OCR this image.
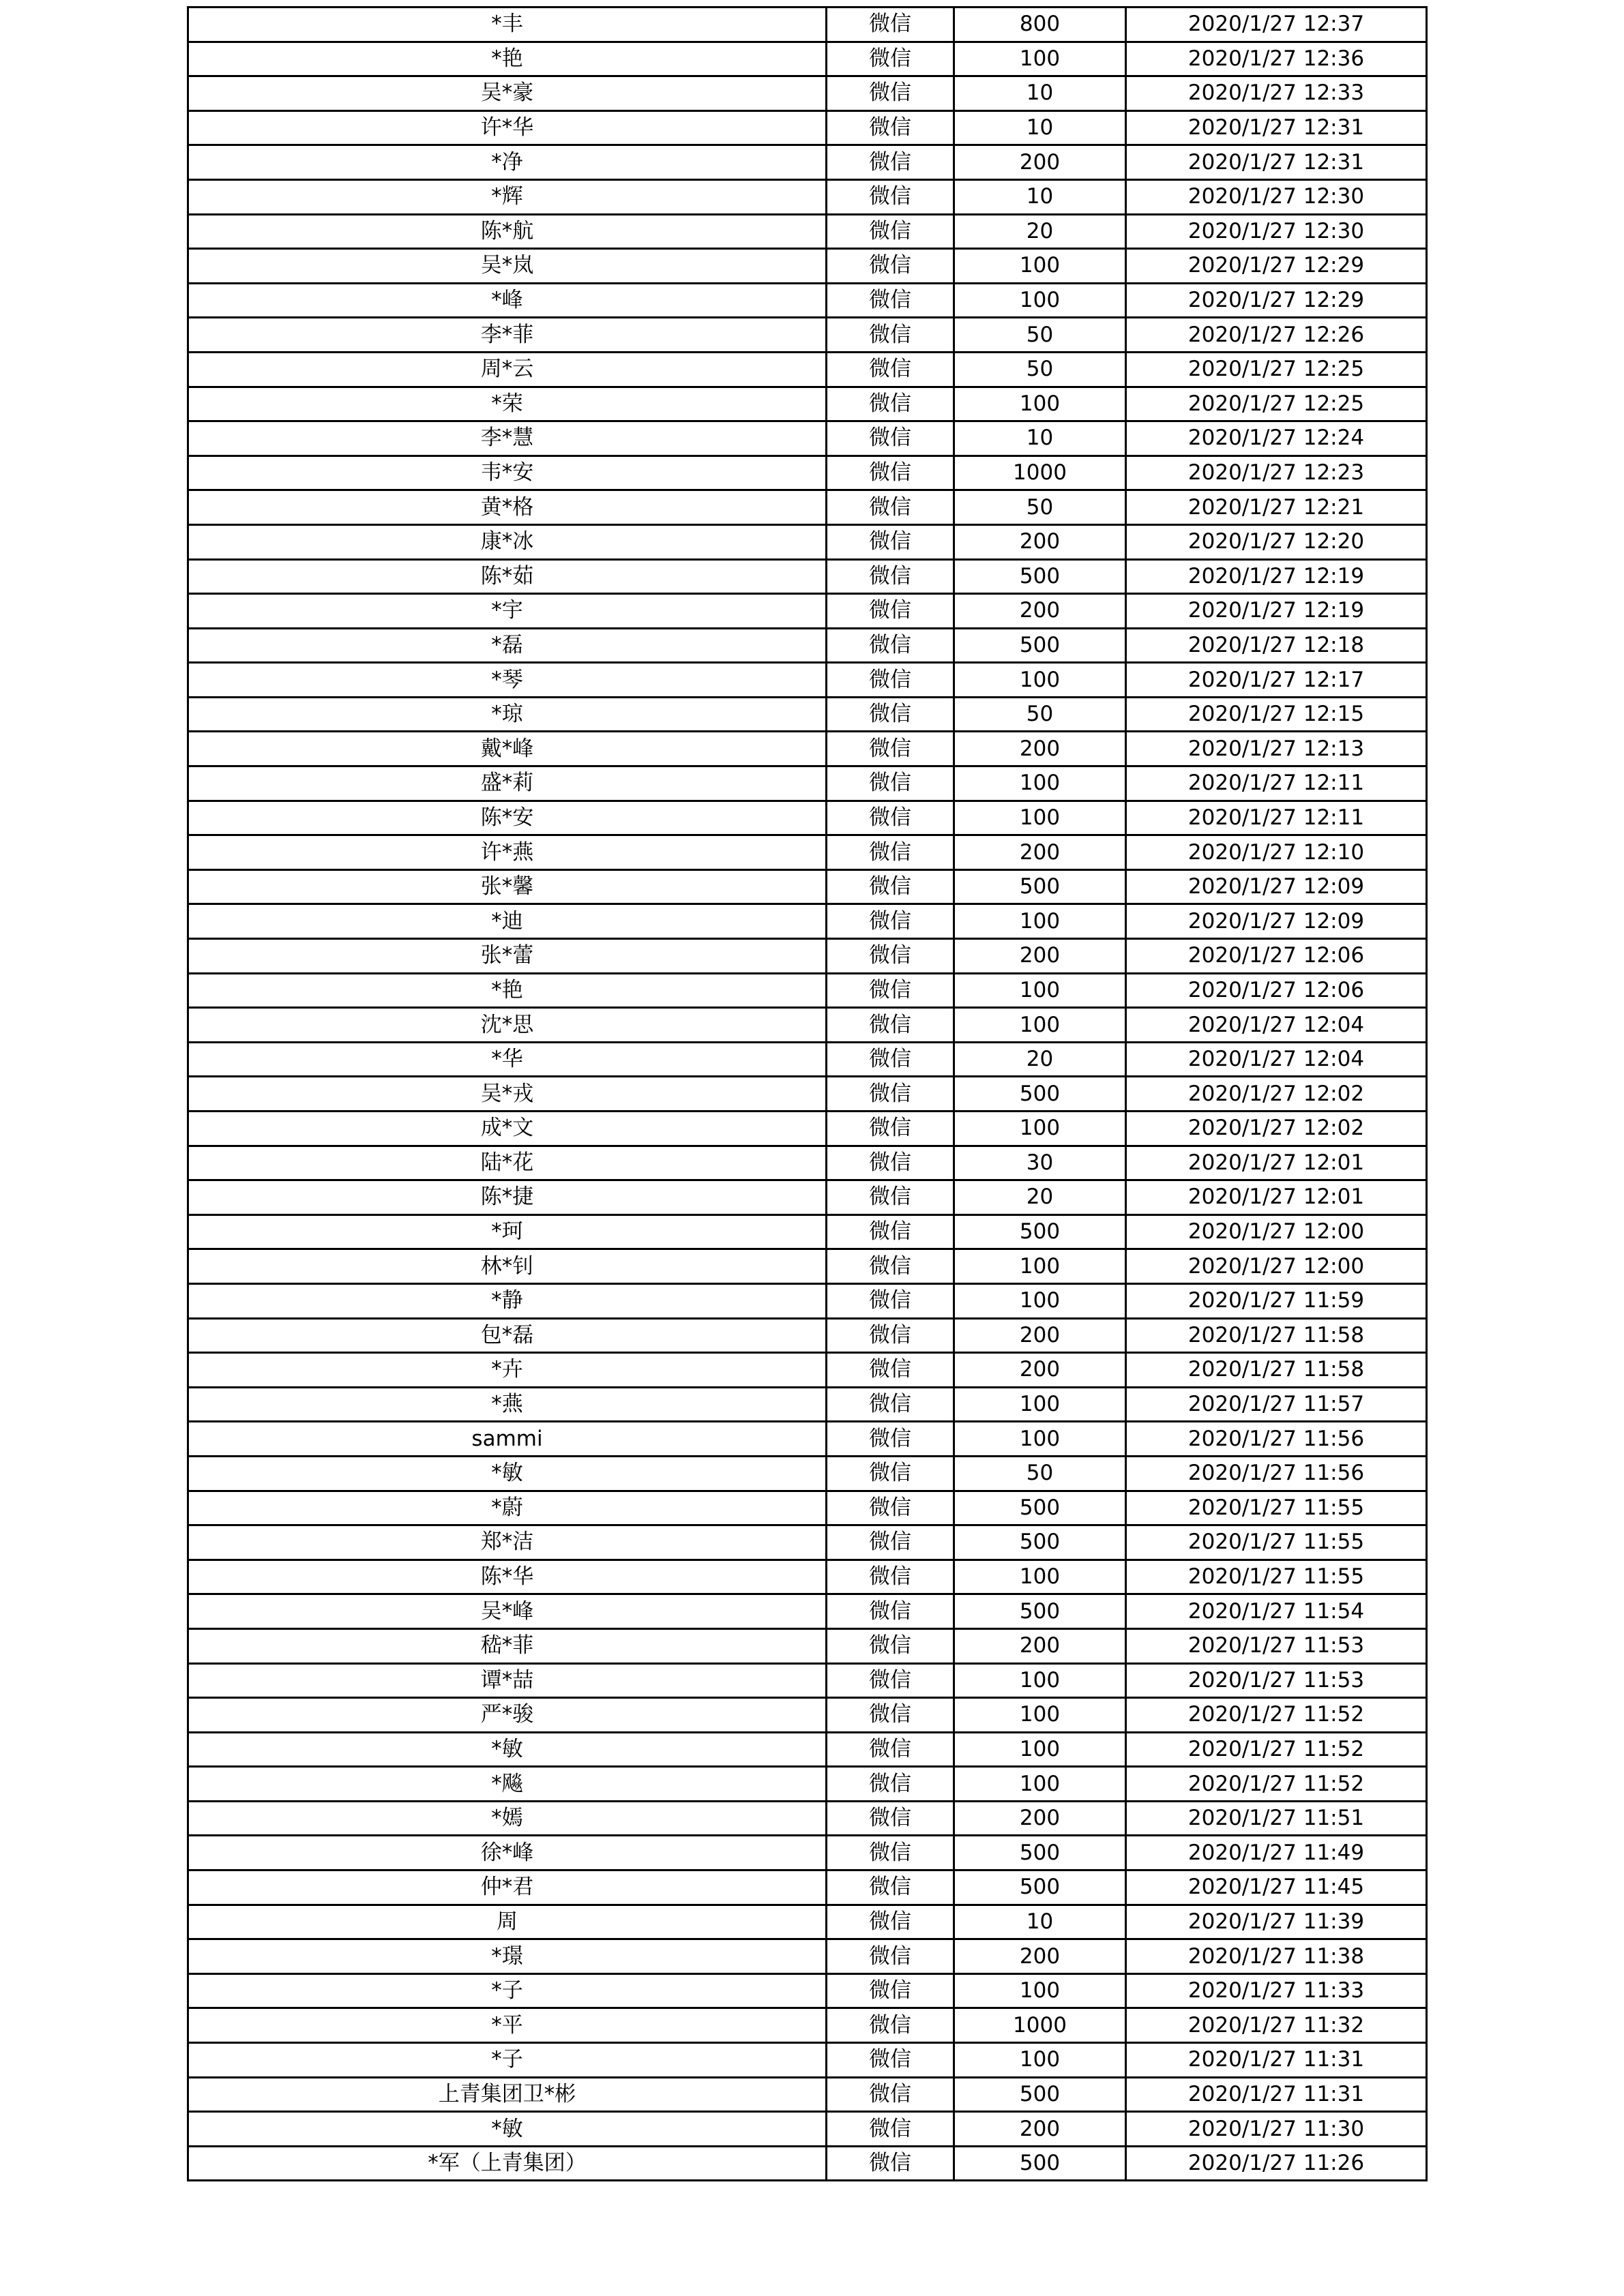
*丰	微信	800	2020/1/27 12:37
*艳	微信	100	2020/1/27 12:36
吴*豪	微信	10	2020/1/27 12:33
许*华	微信	10	2020/1/27 12:31
*净	微信	200	2020/1/27 12:31
*辉	微信	10	2020/1/27 12:30
陈*航	微信	20	2020/1/27 12:30
吴*岚	微信	100	2020/1/27 12:29
*峰	微信	100	2020/1/27 12:29
李*菲	微信	50	2020/1/27 12:26
周*云	微信	50	2020/1/27 12:25
*荣	微信	100	2020/1/27 12:25
李*慧	微信	10	2020/1/27 12:24
韦*安	微信	1000	2020/1/27 12:23
黄*格	微信	50	2020/1/27 12:21
康*冰	微信	200	2020/1/27 12:20
陈*茹	微信	500	2020/1/27 12:19
*宇	微信	200	2020/1/27 12:19
*磊	微信	500	2020/1/27 12:18
*琴	微信	100	2020/1/27 12:17
*琼	微信	50	2020/1/27 12:15
戴*峰	微信	200	2020/1/27 12:13
盛*莉	微信	100	2020/1/27 12:11
陈*安	微信	100	2020/1/27 12:11
许*燕	微信	200	2020/1/27 12:10
张*馨	微信	500	2020/1/27 12:09
*迪	微信	100	2020/1/27 12:09
张*蕾	微信	200	2020/1/27 12:06
*艳	微信	100	2020/1/27 12:06
沈*思	微信	100	2020/1/27 12:04
*华	微信	20	2020/1/27 12:04
吴*戎	微信	500	2020/1/27 12:02
成*文	微信	100	2020/1/27 12:02
陆*花	微信	30	2020/1/27 12:01
陈*捷	微信	20	2020/1/27 12:01
*珂	微信	500	2020/1/27 12:00
林*钊	微信	100	2020/1/27 12:00
*静	微信	100	2020/1/27 11:59
包*磊	微信	200	2020/1/27 11:58
*卉	微信	200	2020/1/27 11:58
*燕	微信	100	2020/1/27 11:57
sammi	微信	100	2020/1/27 11:56
*敏	微信	50	2020/1/27 11:56
*蔚	微信	500	2020/1/27 11:55
郑*洁	微信	500	2020/1/27 11:55
陈*华	微信	100	2020/1/27 11:55
吴*峰	微信	500	2020/1/27 11:54
嵇*菲	微信	200	2020/1/27 11:53
谭*喆	微信	100	2020/1/27 11:53
严*骏	微信	100	2020/1/27 11:52
*敏	微信	100	2020/1/27 11:52
*飚	微信	100	2020/1/27 11:52
*嫣	微信	200	2020/1/27 11:51
徐*峰	微信	500	2020/1/27 11:49
仲*君	微信	500	2020/1/27 11:45
周	微信	10	2020/1/27 11:39
*璟	微信	200	2020/1/27 11:38
*子	微信	100	2020/1/27 11:33
*平	微信	1000	2020/1/27 11:32
*子	微信	100	2020/1/27 11:31
上青集团卫*彬	微信	500	2020/1/27 11:31
*敏	微信	200	2020/1/27 11:30
*军（上青集团）	微信	500	2020/1/27 11:26
